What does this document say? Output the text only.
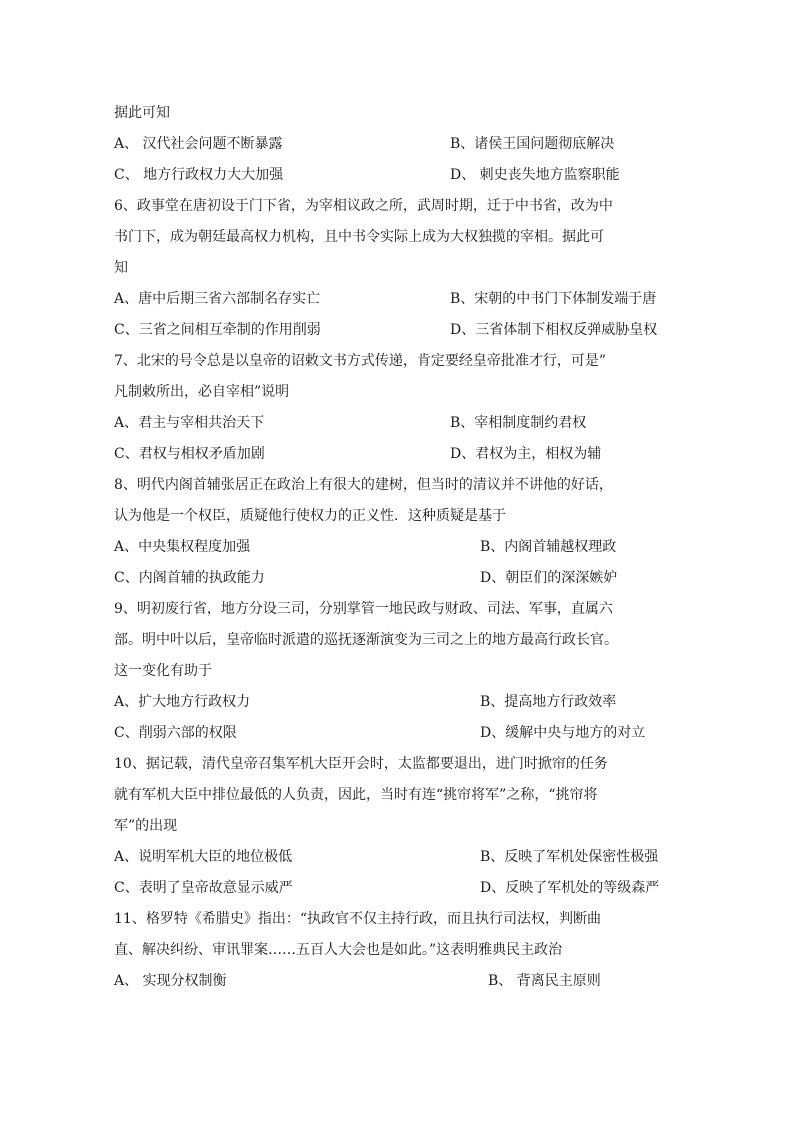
据此可知
A、 汉代社会问题不断暴露	B、诸侯王国问题彻底解决
C、 地方行政权力大大加强	D、 刺史丧失地方监察职能
6、政事堂在唐初设于门下省，为宰相议政之所，武周时期，迁于中书省，改为中
书门下，成为朝廷最高权力机构，且中书令实际上成为大权独揽的宰相。据此可
知
A、唐中后期三省六部制名存实亡	B、宋朝的中书门下体制发端于唐
C、三省之间相互牵制的作用削弱	D、三省体制下相权反弹威胁皇权
7、北宋的号令总是以皇帝的诏敕文书方式传递，肯定要经皇帝批准才行，可是”
凡制敕所出，必自宰相”说明
A、君主与宰相共治天下	B、宰相制度制约君权
C、君权与相权矛盾加剧	D、君权为主，相权为辅
8、明代内阁首辅张居正在政治上有很大的建树，但当时的清议并不讲他的好话，
认为他是一个权臣，质疑他行使权力的正义性．这种质疑是基于
A、中央集权程度加强	B、内阁首辅越权理政
C、内阁首辅的执政能力	D、朝臣们的深深嫉妒
9、明初废行省，地方分设三司，分别掌管一地民政与财政、司法、军事，直属六
部。明中叶以后，皇帝临时派遣的巡抚逐渐演变为三司之上的地方最高行政长官。
这一变化有助于
A、扩大地方行政权力	B、提高地方行政效率
C、削弱六部的权限	D、缓解中央与地方的对立
10、据记载，清代皇帝召集军机大臣开会时，太监都要退出，进门时掀帘的任务
就有军机大臣中排位最低的人负责，因此，当时有连“挑帘将军”之称，“挑帘将
军”的出现
A、说明军机大臣的地位极低	B、反映了军机处保密性极强
C、表明了皇帝故意显示威严	D、反映了军机处的等级森严
11、格罗特《希腊史》指出：“执政官不仅主持行政，而且执行司法权，判断曲
直、解决纠纷、审讯罪案……五百人大会也是如此。”这表明雅典民主政治
A、 实现分权制衡	B、 背离民主原则
